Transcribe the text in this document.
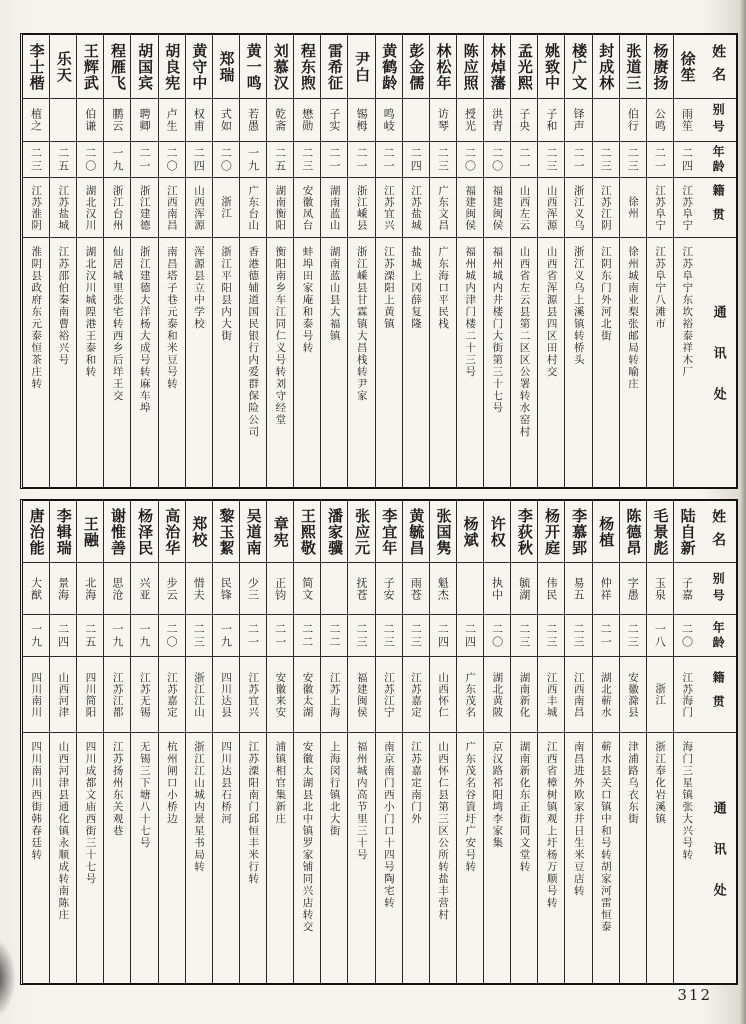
姓名
别号
年龄
籍贯
通讯处
徐笙
雨笙
二四
江苏阜宁
江苏阜宁东坎裕泰祥木厂
杨赓扬
公鸣
二一
江苏阜宁
江苏阜宁八滩市
张道三
伯行
二三
徐州
徐州城南业梨张邮局转喻庄
封成林
二三
江苏江阴
江阴东门外河北街
楼广文
铎声
二一
浙江义乌
浙江义乌上溪镇转桥头
姚致中
子和
二三
山西浑源
山西省浑源县四区田村交
孟光熙
子央
二一
山西左云
山西省左云县第二区区公署转水窑村
林焯藩
洪青
二〇
福建闽侯
福州城内井楼门大街第三十七号
陈应照
授光
二〇
福建闽侯
福州城内津门楼二十三号
林松年
访琴
二三
广东文昌
广东海口平民栈
彭金儒
二四
江苏盐城
盐城上冈薛复隆
黄鹤龄
鸣岐
二一
江苏宜兴
江苏溧阳上黄镇
尹白
锡栂
二一
浙江嵊县
浙江嵊县甘霖镇大昌栈转尹家
雷希征
子实
二一
湖南蓝山
湖南蓝山县大福镇
程东煦
懋勋
二三
安徽凤台
蚌埠田家庵和泰号转
刘慕汉
乾斋
二五
湖南衡阳
衡阳南乡车江同仁义号转刘守经堂
黄一鸣
若愚
一九
广东台山
香港德辅道国民银行内爱群保险公司
郑瑞
式如
二〇
浙江
浙江平阳县内大街
黄守中
权甫
二四
山西浑源
浑源县立中学校
胡良宪
卢生
二〇
江西南昌
南昌塔子巷元泰和米豆号转
胡国宾
聘卿
二一
浙江建德
浙江建德大洋杨大成号转麻车埠
程雁飞
鹏云
一九
浙江台州
仙居城里张宅转西乡后垟王交
王辉武
伯谦
二〇
湖北汉川
湖北汉川城隍港王泰和转
乐天
二五
江苏盐城
江苏邵伯秦南曹裕兴号
李士楷
植之
二三
江苏淮阴
淮阴县政府东元泰恒茶庄转
姓名
别号
年龄
籍贯
通讯处
陆自新
子嘉
二〇
江苏海门
海门三星镇张大兴号转
毛景彪
玉泉
一八
浙江
浙江奉化岩溪镇
陈德昂
字愚
二三
安徽滁县
津浦路乌衣东街
杨植
仲祥
二一
湖北蕲水
蕲水县关口镇中和号转胡家河雷恒泰
李慕郢
易五
二三
江西南昌
南昌进外欧家井日生米豆店转
杨开庭
伟民
二三
江西丰城
江西省樟树镇观上圩杨万顺号转
李荻秋
毓湖
二三
湖南新化
湖南新化东正街同文堂转
许权
执中
二〇
湖北黄陂
京汉路祁阳塆李家集
杨斌
二四
广东茂名
广东茂名谷篢圩广安号转
张国隽
魁杰
二四
山西怀仁
山西怀仁县第三区公所转盐丰营村
黄毓昌
雨苍
二三
江苏嘉定
江苏嘉定南门外
李宜年
子安
二三
江苏江宁
南京南门西小门口十四号陶宅转
张应元
抚苍
二三
福建闽侯
福州城内高节里三十号
潘家骥
二二
江苏上海
上海闵行镇北大街
王熙敬
简文
二二
安徽太湖
安徽太湖县北中镇罗家铺同兴店转交
章宪
正钧
二一
安徽来安
浦镇相官集新庄
吴道南
少三
二一
江苏宜兴
江苏溧阳南门邱恒丰米行转
黎玉絜
民锋
一九
四川达县
四川达县石桥河
郑校
惜夫
二三
浙江江山
浙江江山城内景星书局转
高治华
步云
二〇
江苏嘉定
杭州闸口小桥边
杨泽民
兴亚
一九
江苏无锡
无锡三下塘八十七号
谢惟善
思沧
一九
江苏江都
江苏扬州东关观巷
王融
北海
二五
四川简阳
四川成都文庙西街三十七号
李辑瑞
景海
二四
山西河津
山西河津县通化镇永顺成转南陈庄
唐治能
大猷
一九
四川南川
四川南川西街韩春廷转
312
